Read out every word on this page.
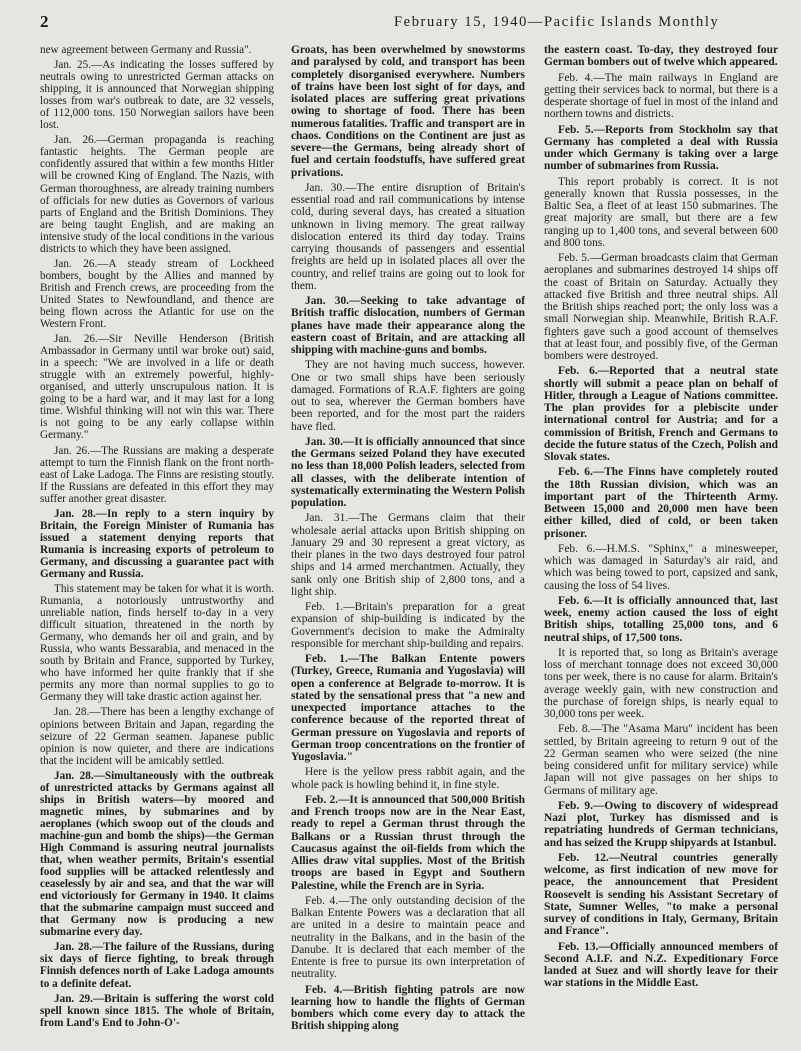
2	February 15, 1940—Pacific Islands Monthly

new agreement between Germany and Russia".

Jan. 25.—As indicating the losses suffered by neutrals owing to unrestricted German attacks on shipping, it is announced that Norwegian shipping losses from war's outbreak to date, are 32 vessels, of 112,000 tons. 150 Norwegian sailors have been lost.

Jan. 26.—German propaganda is reaching fantastic heights. The German people are confidently assured that within a few months Hitler will be crowned King of England. The Nazis, with German thoroughness, are already training numbers of officials for new duties as Governors of various parts of England and the British Dominions. They are being taught English, and are making an intensive study of the local conditions in the various districts to which they have been assigned.

Jan. 26.—A steady stream of Lockheed bombers, bought by the Allies and manned by British and French crews, are proceeding from the United States to Newfoundland, and thence are being flown across the Atlantic for use on the Western Front.

Jan. 26.—Sir Neville Henderson (British Ambassador in Germany until war broke out) said, in a speech: "We are involved in a life or death struggle with an extremely powerful, highly-organised, and utterly unscrupulous nation. It is going to be a hard war, and it may last for a long time. Wishful thinking will not win this war. There is not going to be any early collapse within Germany."

Jan. 26.—The Russians are making a desperate attempt to turn the Finnish flank on the front north-east of Lake Ladoga. The Finns are resisting stoutly. If the Russians are defeated in this effort they may suffer another great disaster.

Jan. 28.—In reply to a stern inquiry by Britain, the Foreign Minister of Rumania has issued a statement denying reports that Rumania is increasing exports of petroleum to Germany, and discussing a guarantee pact with Germany and Russia.

This statement may be taken for what it is worth. Rumania, a notoriously untrustworthy and unreliable nation, finds herself to-day in a very difficult situation, threatened in the north by Germany, who demands her oil and grain, and by Russia, who wants Bessarabia, and menaced in the south by Britain and France, supported by Turkey, who have informed her quite frankly that if she permits any more than normal supplies to go to Germany they will take drastic action against her.

Jan. 28.—There has been a lengthy exchange of opinions between Britain and Japan, regarding the seizure of 22 German seamen. Japanese public opinion is now quieter, and there are indications that the incident will be amicably settled.

Jan. 28.—Simultaneously with the outbreak of unrestricted attacks by Germans against all ships in British waters—by moored and magnetic mines, by submarines and by aeroplanes (which swoop out of the clouds and machine-gun and bomb the ships)—the German High Command is assuring neutral journalists that, when weather permits, Britain's essential food supplies will be attacked relentlessly and ceaselessly by air and sea, and that the war will end victoriously for Germany in 1940. It claims that the submarine campaign must succeed and that Germany now is producing a new submarine every day.

Jan. 28.—The failure of the Russians, during six days of fierce fighting, to break through Finnish defences north of Lake Ladoga amounts to a definite defeat.

Jan. 29.—Britain is suffering the worst cold spell known since 1815. The whole of Britain, from Land's End to John-O'-

Groats, has been overwhelmed by snowstorms and paralysed by cold, and transport has been completely disorganised everywhere. Numbers of trains have been lost sight of for days, and isolated places are suffering great privations owing to shortage of food. There has been numerous fatalities. Traffic and transport are in chaos. Conditions on the Continent are just as severe—the Germans, being already short of fuel and certain foodstuffs, have suffered great privations.

Jan. 30.—The entire disruption of Britain's essential road and rail communications by intense cold, during several days, has created a situation unknown in living memory. The great railway dislocation entered its third day today. Trains carrying thousands of passengers and essential freights are held up in isolated places all over the country, and relief trains are going out to look for them.

Jan. 30.—Seeking to take advantage of British traffic dislocation, numbers of German planes have made their appearance along the eastern coast of Britain, and are attacking all shipping with machine-guns and bombs.

They are not having much success, however. One or two small ships have been seriously damaged. Formations of R.A.F. fighters are going out to sea, wherever the German bombers have been reported, and for the most part the raiders have fled.

Jan. 30.—It is officially announced that since the Germans seized Poland they have executed no less than 18,000 Polish leaders, selected from all classes, with the deliberate intention of systematically exterminating the Western Polish population.

Jan. 31.—The Germans claim that their wholesale aerial attacks upon British shipping on January 29 and 30 represent a great victory, as their planes in the two days destroyed four patrol ships and 14 armed merchantmen. Actually, they sank only one British ship of 2,800 tons, and a light ship.

Feb. 1.—Britain's preparation for a great expansion of ship-building is indicated by the Government's decision to make the Admiralty responsible for merchant ship-building and repairs.

Feb. 1.—The Balkan Entente powers (Turkey, Greece, Rumania and Yugoslavia) will open a conference at Belgrade to-morrow. It is stated by the sensational press that "a new and unexpected importance attaches to the conference because of the reported threat of German pressure on Yugoslavia and reports of German troop concentrations on the frontier of Yugoslavia."

Here is the yellow press rabbit again, and the whole pack is howling behind it, in fine style.

Feb. 2.—It is announced that 500,000 British and French troops now are in the Near East, ready to repel a German thrust through the Balkans or a Russian thrust through the Caucasus against the oil-fields from which the Allies draw vital supplies. Most of the British troops are based in Egypt and Southern Palestine, while the French are in Syria.

Feb. 4.—The only outstanding decision of the Balkan Entente Powers was a declaration that all are united in a desire to maintain peace and neutrality in the Balkans, and in the basin of the Danube. It is declared that each member of the Entente is free to pursue its own interpretation of neutrality.

Feb. 4.—British fighting patrols are now learning how to handle the flights of German bombers which come every day to attack the British shipping along

the eastern coast. To-day, they destroyed four German bombers out of twelve which appeared.

Feb. 4.—The main railways in England are getting their services back to normal, but there is a desperate shortage of fuel in most of the inland and northern towns and districts.

Feb. 5.—Reports from Stockholm say that Germany has completed a deal with Russia under which Germany is taking over a large number of submarines from Russia.

This report probably is correct. It is not generally known that Russia possesses, in the Baltic Sea, a fleet of at least 150 submarines. The great majority are small, but there are a few ranging up to 1,400 tons, and several between 600 and 800 tons.

Feb. 5.—German broadcasts claim that German aeroplanes and submarines destroyed 14 ships off the coast of Britain on Saturday. Actually they attacked five British and three neutral ships. All the British ships reached port; the only loss was a small Norwegian ship. Meanwhile, British R.A.F. fighters gave such a good account of themselves that at least four, and possibly five, of the German bombers were destroyed.

Feb. 6.—Reported that a neutral state shortly will submit a peace plan on behalf of Hitler, through a League of Nations committee. The plan provides for a plebiscite under international control for Austria; and for a commission of British, French and Germans to decide the future status of the Czech, Polish and Slovak states.

Feb. 6.—The Finns have completely routed the 18th Russian division, which was an important part of the Thirteenth Army. Between 15,000 and 20,000 men have been either killed, died of cold, or been taken prisoner.

Feb. 6.—H.M.S. "Sphinx," a minesweeper, which was damaged in Saturday's air raid, and which was being towed to port, capsized and sank, causing the loss of 54 lives.

Feb. 6.—It is officially announced that, last week, enemy action caused the loss of eight British ships, totalling 25,000 tons, and 6 neutral ships, of 17,500 tons.

It is reported that, so long as Britain's average loss of merchant tonnage does not exceed 30,000 tons per week, there is no cause for alarm. Britain's average weekly gain, with new construction and the purchase of foreign ships, is nearly equal to 30,000 tons per week.

Feb. 8.—The "Asama Maru" incident has been settled, by Britain agreeing to return 9 out of the 22 German seamen who were seized (the nine being considered unfit for military service) while Japan will not give passages on her ships to Germans of military age.

Feb. 9.—Owing to discovery of widespread Nazi plot, Turkey has dismissed and is repatriating hundreds of German technicians, and has seized the Krupp shipyards at Istanbul.

Feb. 12.—Neutral countries generally welcome, as first indication of new move for peace, the announcement that President Roosevelt is sending his Assistant Secretary of State, Sumner Welles, "to make a personal survey of conditions in Italy, Germany, Britain and France".

Feb. 13.—Officially announced members of Second A.I.F. and N.Z. Expeditionary Force landed at Suez and will shortly leave for their war stations in the Middle East.
